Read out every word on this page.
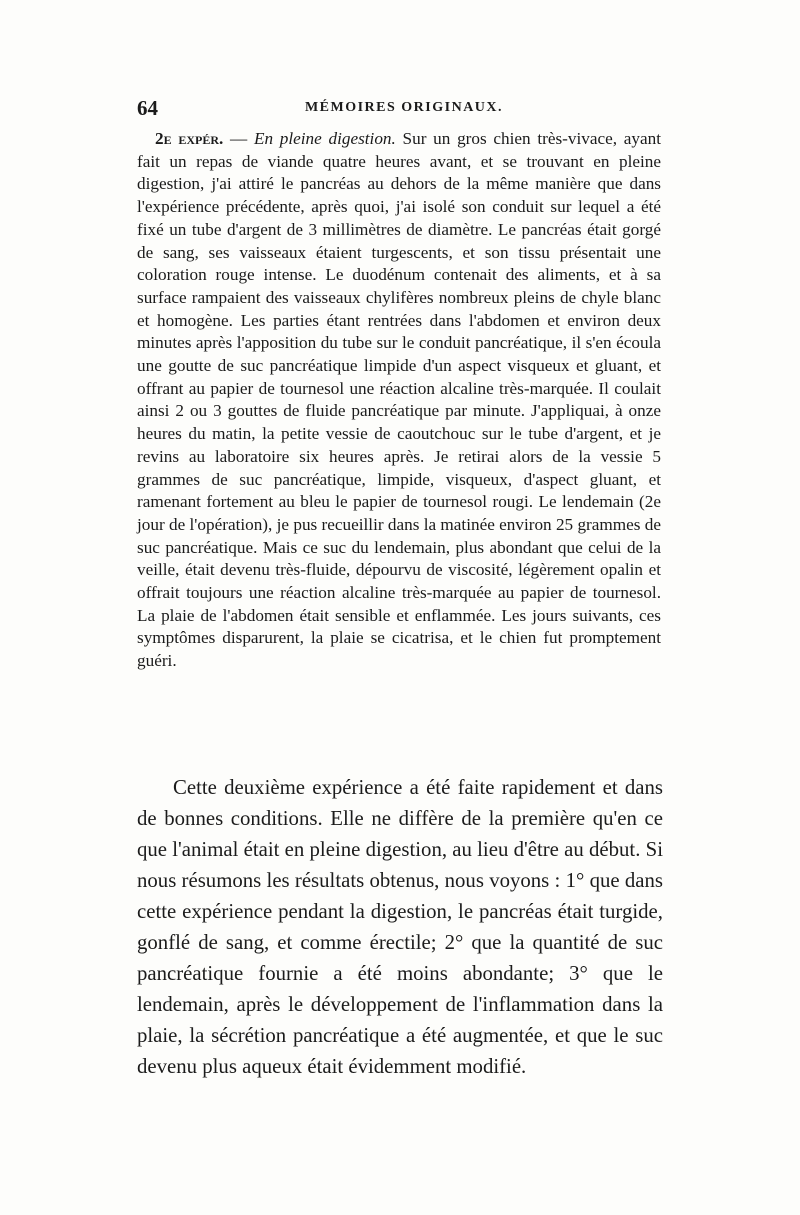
64	MÉMOIRES ORIGINAUX.

2e expér. — En pleine digestion. Sur un gros chien très-vivace, ayant fait un repas de viande quatre heures avant, et se trouvant en pleine digestion, j'ai attiré le pancréas au dehors de la même manière que dans l'expérience précédente, après quoi, j'ai isolé son conduit sur lequel a été fixé un tube d'argent de 3 millimètres de diamètre. Le pancréas était gorgé de sang, ses vaisseaux étaient turgescents, et son tissu présentait une coloration rouge intense. Le duodénum contenait des aliments, et à sa surface rampaient des vaisseaux chylifères nombreux pleins de chyle blanc et homogène. Les parties étant rentrées dans l'abdomen et environ deux minutes après l'apposition du tube sur le conduit pancréatique, il s'en écoula une goutte de suc pancréatique limpide d'un aspect visqueux et gluant, et offrant au papier de tournesol une réaction alcaline très-marquée. Il coulait ainsi 2 ou 3 gouttes de fluide pancréatique par minute. J'appliquai, à onze heures du matin, la petite vessie de caoutchouc sur le tube d'argent, et je revins au laboratoire six heures après. Je retirai alors de la vessie 5 grammes de suc pancréatique, limpide, visqueux, d'aspect gluant, et ramenant fortement au bleu le papier de tournesol rougi. Le lendemain (2e jour de l'opération), je pus recueillir dans la matinée environ 25 grammes de suc pancréatique. Mais ce suc du lendemain, plus abondant que celui de la veille, était devenu très-fluide, dépourvu de viscosité, légèrement opalin et offrait toujours une réaction alcaline très-marquée au papier de tournesol. La plaie de l'abdomen était sensible et enflammée. Les jours suivants, ces symptômes disparurent, la plaie se cicatrisa, et le chien fut promptement guéri.

Cette deuxième expérience a été faite rapidement et dans de bonnes conditions. Elle ne diffère de la première qu'en ce que l'animal était en pleine digestion, au lieu d'être au début. Si nous résumons les résultats obtenus, nous voyons : 1° que dans cette expérience pendant la digestion, le pancréas était turgide, gonflé de sang, et comme érectile; 2° que la quantité de suc pancréatique fournie a été moins abondante; 3° que le lendemain, après le développement de l'inflammation dans la plaie, la sécrétion pancréatique a été augmentée, et que le suc devenu plus aqueux était évidemment modifié.
